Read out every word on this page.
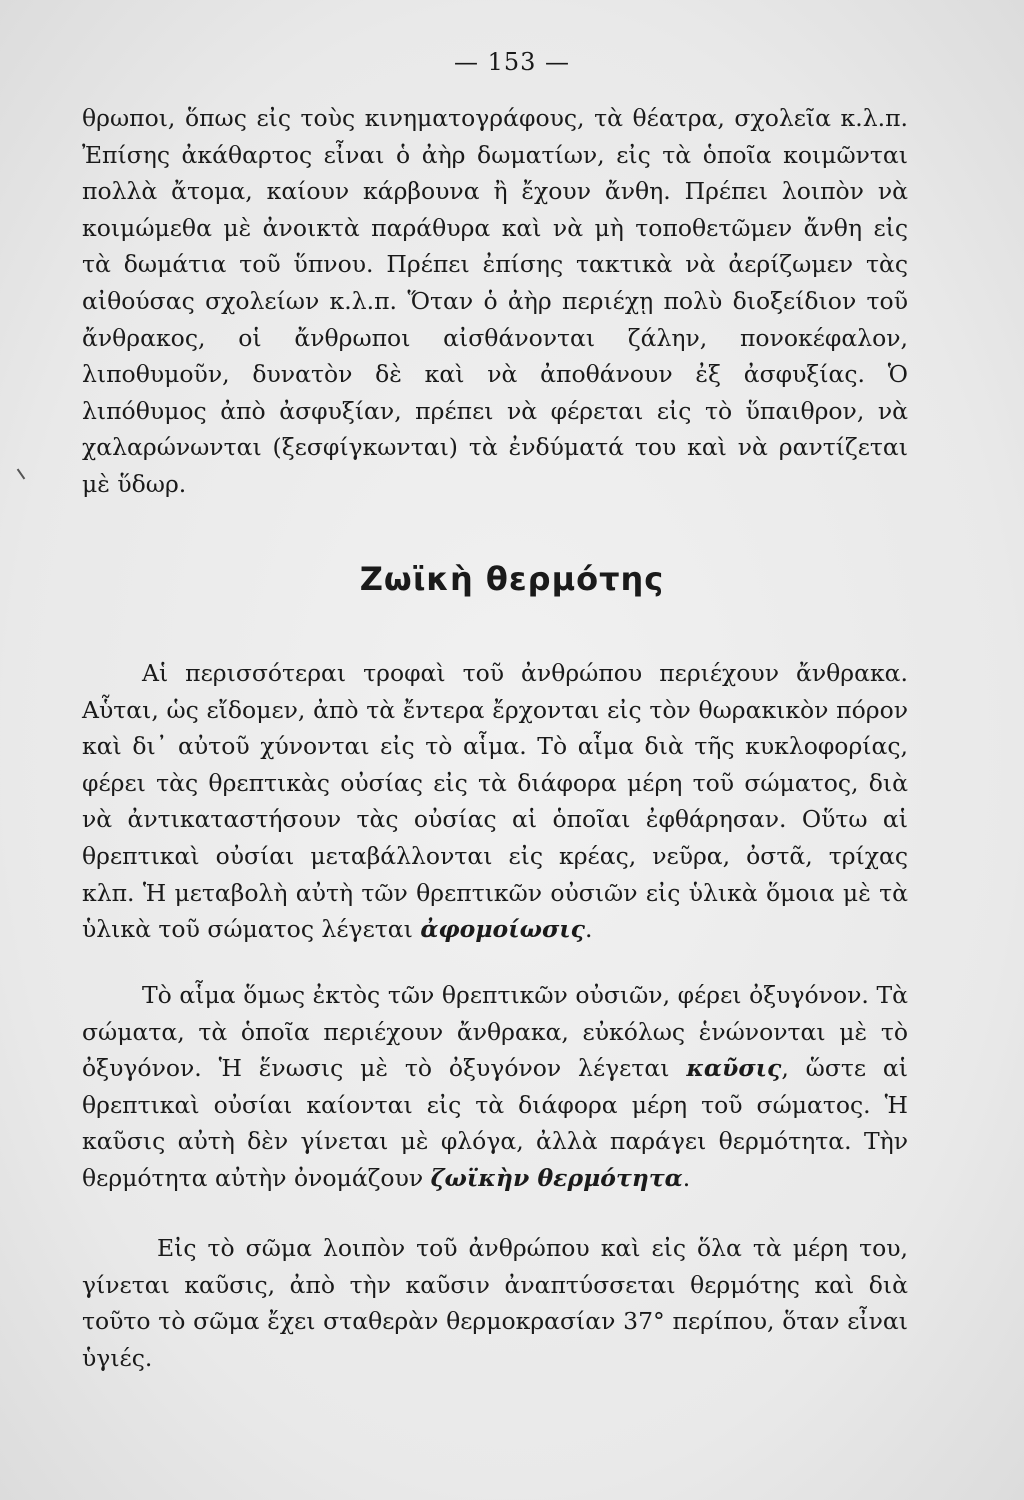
— 153 —

θρωποι, ὅπως εἰς τοὺς κινηματογράφους, τὰ θέατρα, σχολεῖα κ.λ.π. Ἐπίσης ἀκάθαρτος εἶναι ὁ ἀὴρ δωματίων, εἰς τὰ ὁποῖα κοιμῶνται πολλὰ ἄτομα, καίουν κάρβουνα ἢ ἔχουν ἄνθη. Πρέπει λοιπὸν νὰ κοιμώμεθα μὲ ἀνοικτὰ παράθυρα καὶ νὰ μὴ τοποθετῶμεν ἄνθη εἰς τὰ δωμάτια τοῦ ὕπνου. Πρέπει ἐπίσης τακτικὰ νὰ ἀερίζωμεν τὰς αἰθούσας σχολείων κ.λ.π. Ὅταν ὁ ἀὴρ περιέχῃ πολὺ διοξείδιον τοῦ ἄνθρακος, οἱ ἄνθρωποι αἰσθάνονται ζάλην, πονοκέφαλον, λιποθυμοῦν, δυνατὸν δὲ καὶ νὰ ἀποθάνουν ἐξ ἀσφυξίας. Ὁ λιπόθυμος ἀπὸ ἀσφυξίαν, πρέπει νὰ φέρεται εἰς τὸ ὕπαιθρον, νὰ χαλαρώνωνται (ξεσφίγκωνται) τὰ ἐνδύματά του καὶ νὰ ραντίζεται μὲ ὕδωρ.

Ζωϊκὴ θερμότης

Αἱ περισσότεραι τροφαὶ τοῦ ἀνθρώπου περιέχουν ἄνθρακα. Αὗται, ὡς εἴδομεν, ἀπὸ τὰ ἔντερα ἔρχονται εἰς τὸν θωρακικὸν πόρον καὶ δι᾽ αὐτοῦ χύνονται εἰς τὸ αἷμα. Τὸ αἷμα διὰ τῆς κυκλοφορίας, φέρει τὰς θρεπτικὰς οὐσίας εἰς τὰ διάφορα μέρη τοῦ σώματος, διὰ νὰ ἀντικαταστήσουν τὰς οὐσίας αἱ ὁποῖαι ἐφθάρησαν. Οὕτω αἱ θρεπτικαὶ οὐσίαι μεταβάλλονται εἰς κρέας, νεῦρα, ὀστᾶ, τρίχας κλπ. Ἡ μεταβολὴ αὐτὴ τῶν θρεπτικῶν οὐσιῶν εἰς ὑλικὰ ὅμοια μὲ τὰ ὑλικὰ τοῦ σώματος λέγεται ἀφομοίωσις.

Τὸ αἷμα ὅμως ἐκτὸς τῶν θρεπτικῶν οὐσιῶν, φέρει ὀξυγόνον. Τὰ σώματα, τὰ ὁποῖα περιέχουν ἄνθρακα, εὐκόλως ἑνώνονται μὲ τὸ ὀξυγόνον. Ἡ ἕνωσις μὲ τὸ ὀξυγόνον λέγεται καῦσις, ὥστε αἱ θρεπτικαὶ οὐσίαι καίονται εἰς τὰ διάφορα μέρη τοῦ σώματος. Ἡ καῦσις αὐτὴ δὲν γίνεται μὲ φλόγα, ἀλλὰ παράγει θερμότητα. Τὴν θερμότητα αὐτὴν ὀνομάζουν ζωϊκὴν θερμότητα.

Εἰς τὸ σῶμα λοιπὸν τοῦ ἀνθρώπου καὶ εἰς ὅλα τὰ μέρη του, γίνεται καῦσις, ἀπὸ τὴν καῦσιν ἀναπτύσσεται θερμότης καὶ διὰ τοῦτο τὸ σῶμα ἔχει σταθερὰν θερμοκρασίαν 37° περίπου, ὅταν εἶναι ὑγιές.
